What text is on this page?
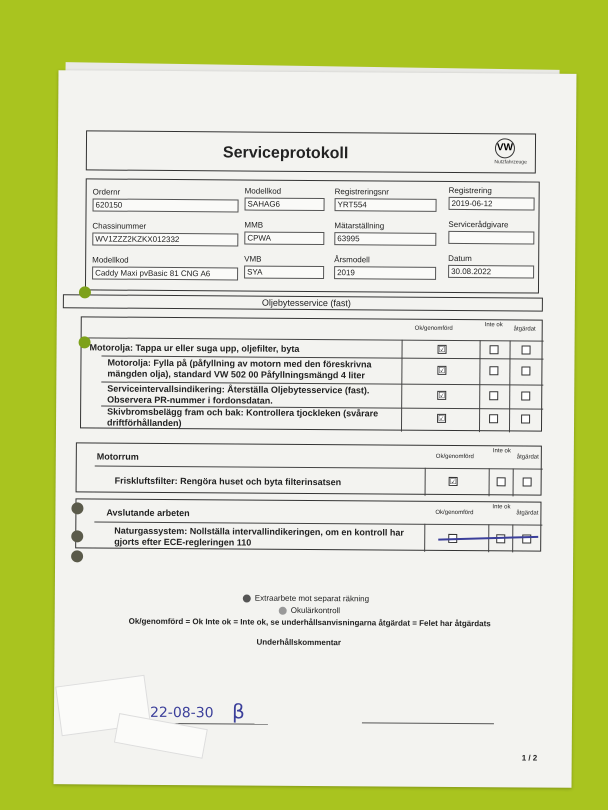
Serviceprotokoll	VW
Nutzfahrzeuge
Ordernr
620150
Modellkod
SAHAG6
Registreringsnr
YRT554
Registrering
2019-06-12
Chassinummer
WV1ZZZ2KZKX012332
MMB
CPWA
Mätarställning
63995
Servicerådgivare
Modellkod
Caddy Maxi pvBasic 81 CNG A6
VMB
SYA
Årsmodell
2019
Datum
30.08.2022
Oljebytesservice (fast)
Ok/genomförd
Inte ok
åtgärdat
Motorolja: Tappa ur eller suga upp, oljefilter, byta	☑
Motorolja: Fylla på (påfyllning av motorn med den föreskrivna mängden olja), standard VW 502 00 Påfyllningsmängd 4 liter	☑
Serviceintervallsindikering: Återställa Oljebytesservice (fast). Observera PR-nummer i fordonsdatan.	☑
Skivbromsbelägg fram och bak: Kontrollera tjockleken (svårare driftförhållanden)	☑
Motorrum	Ok/genomförd
Inte ok
åtgärdat
Friskluftsfilter: Rengöra huset och byta filterinsatsen	☑
Avslutande arbeten	Ok/genomförd
Inte ok
åtgärdat
Naturgassystem: Nollställa intervallindikeringen, om en kontroll har gjorts efter ECE-regleringen 110
Extraarbete mot separat räkning
Okulärkontroll
Ok/genomförd = Ok Inte ok = Inte ok, se underhållsanvisningarna åtgärdat = Felet har åtgärdats
Underhållskommentar
22-08-30 β
1 / 2
